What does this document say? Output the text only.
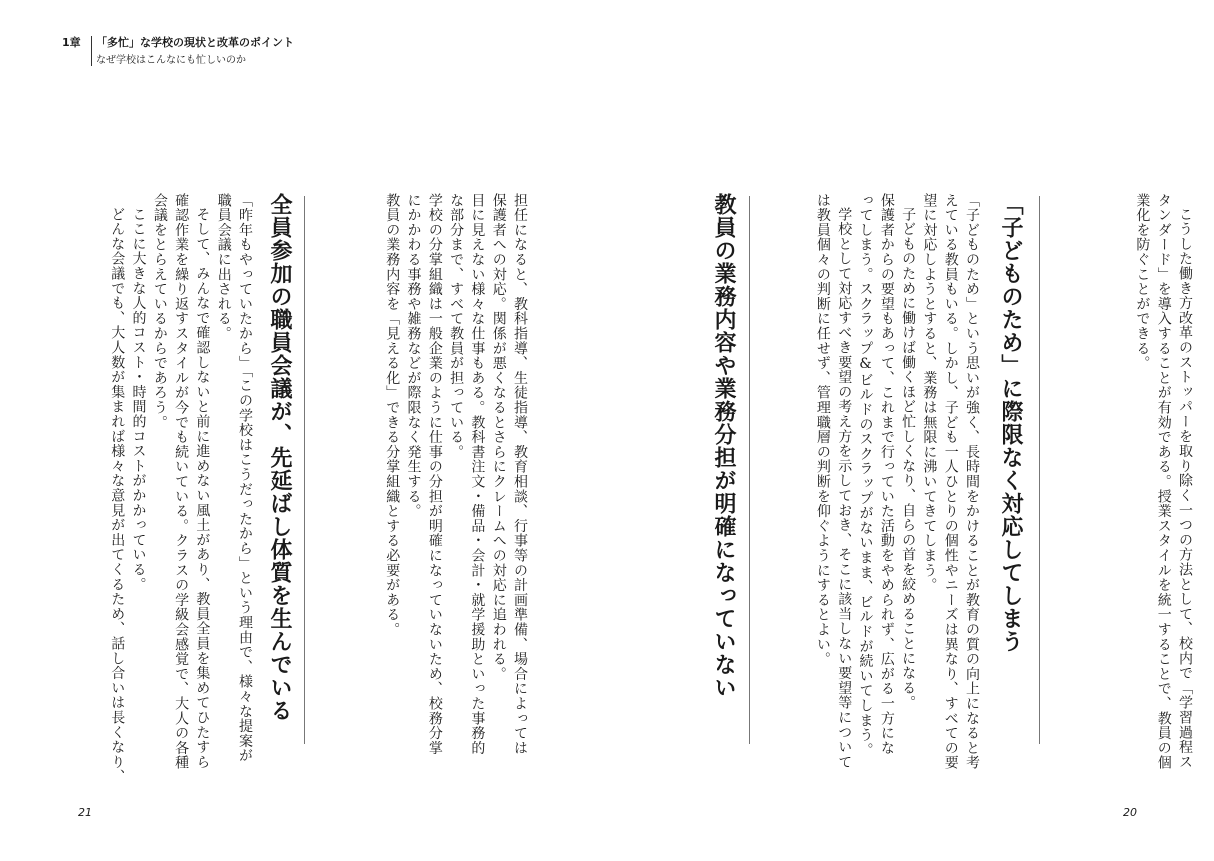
1章 「多忙」な学校の現状と改革のポイント
なぜ学校はこんなにも忙しいのか

こうした働き方改革のストッパーを取り除く一つの方法として、校内で「学習過程ス

タンダード」を導入することが有効である。授業スタイルを統一することで、教員の個

業化を防ぐことができる。

「子どものため」に際限なく対応してしまう

「子どものため」という思いが強く、長時間をかけることが教育の質の向上になると考

えている教員もいる。しかし、子ども一人ひとりの個性やニーズは異なり、すべての要

望に対応しようとすると、業務は無限に沸いてきてしまう。

子どものために働けば働くほど忙しくなり、自らの首を絞めることになる。

保護者からの要望もあって、これまで行っていた活動をやめられず、広がる一方にな

ってしまう。スクラップ&ビルドのスクラップがないまま、ビルドが続いてしまう。

学校として対応すべき要望の考え方を示しておき、そこに該当しない要望等について

は教員個々の判断に任せず、管理職層の判断を仰ぐようにするとよい。

教員の業務内容や業務分担が明確になっていない
20

担任になると、教科指導、生徒指導、教育相談、行事等の計画準備、場合によっては

保護者への対応。関係が悪くなるとさらにクレームへの対応に追われる。

目に見えない様々な仕事もある。教科書注文・備品・会計・就学援助といった事務的

な部分まで、すべて教員が担っている。

学校の分掌組織は一般企業のように仕事の分担が明確になっていないため、校務分掌

にかかわる事務や雑務などが際限なく発生する。

教員の業務内容を「見える化」できる分掌組織とする必要がある。

全員参加の職員会議が、先延ばし体質を生んでいる

「昨年もやっていたから」「この学校はこうだったから」という理由で、様々な提案が

職員会議に出される。

そして、みんなで確認しないと前に進めない風土があり、教員全員を集めてひたすら

確認作業を繰り返すスタイルが今でも続いている。クラスの学級会感覚で、大人の各種

会議をとらえているからであろう。

ここに大きな人的コスト・時間的コストがかかっている。

どんな会議でも、大人数が集まれば様々な意見が出てくるため、話し合いは長くなり、

21
